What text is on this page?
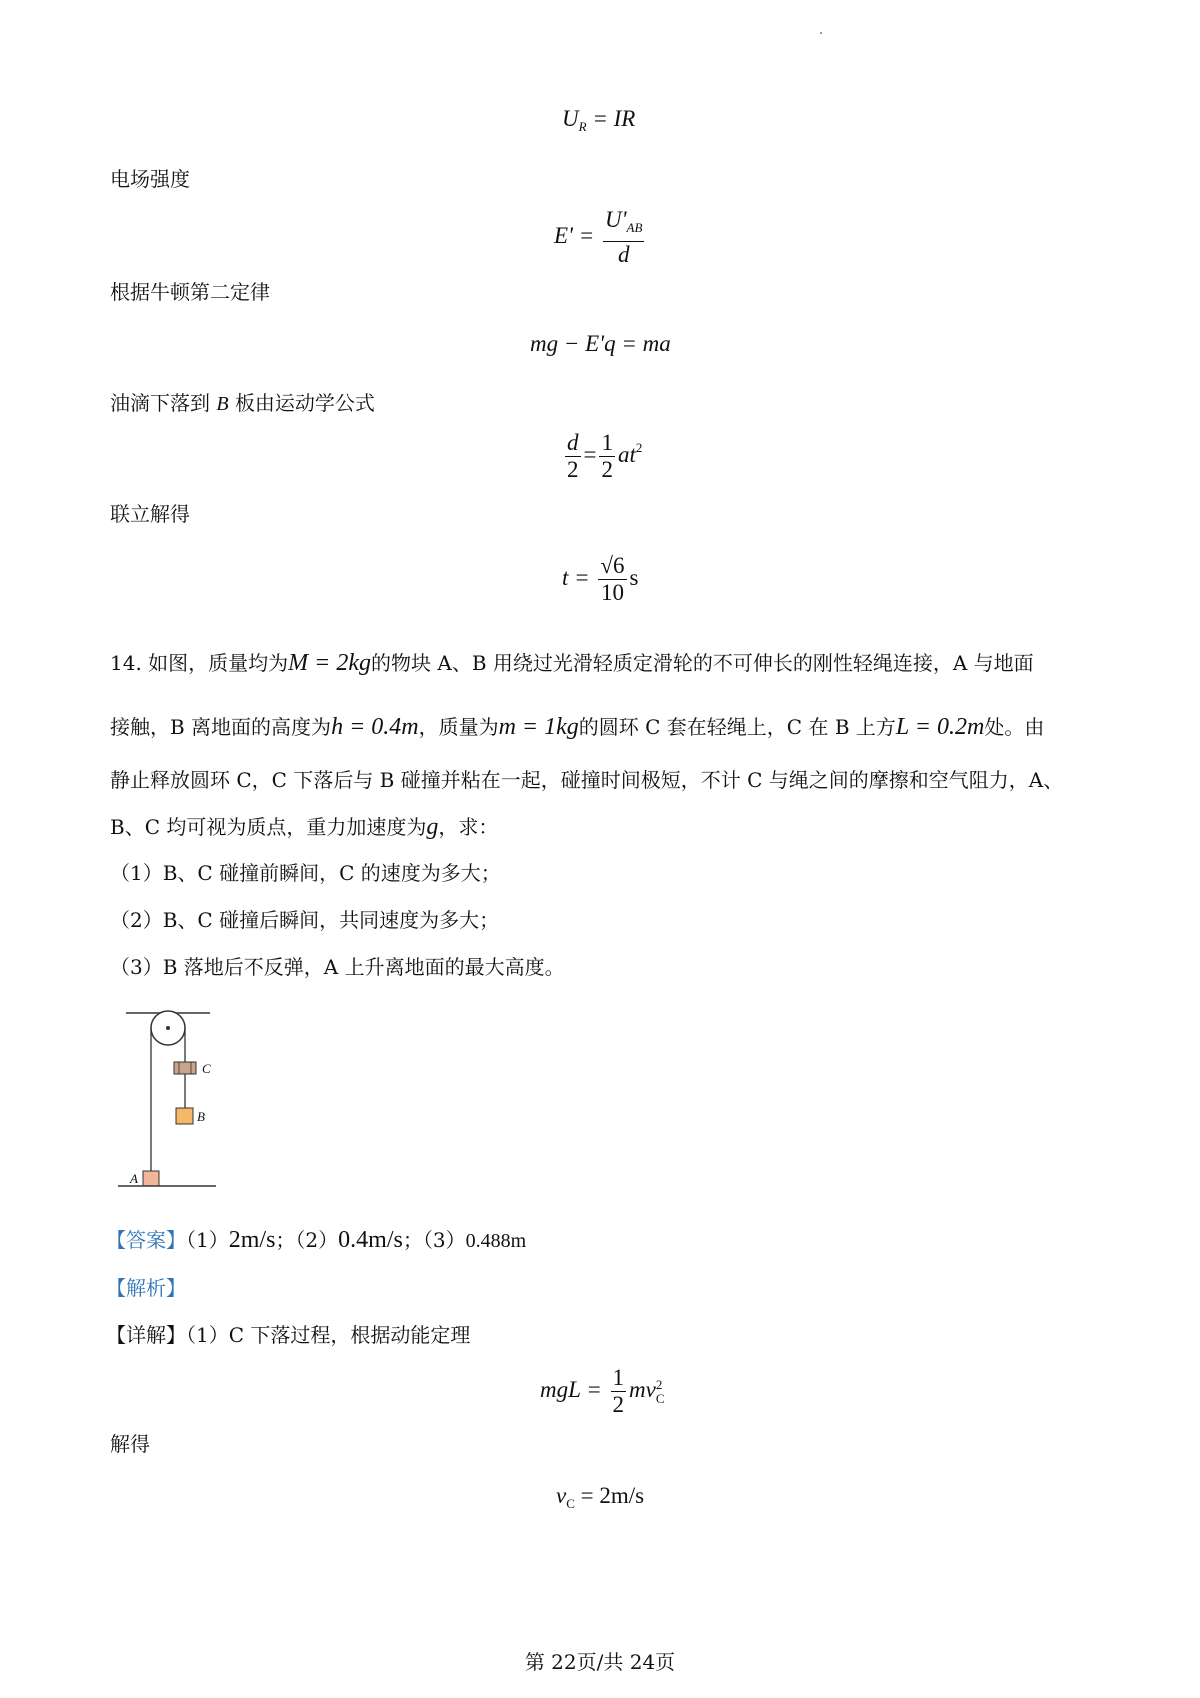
$U_R$ = IR
电场强度
$E' = \frac{U'_{AB}}{d}$
根据牛顿第二定律
mg − E'q = ma
油滴下落到 B 板由运动学公式
$\frac{d}{2} = \frac{1}{2} at^2$
联立解得
$t = \frac{√6}{10}$ s
14. 如图，质量均为M = 2kg的物块 A、B 用绕过光滑轻质定滑轮的不可伸长的刚性轻绳连接，A 与地面
接触，B 离地面的高度为h = 0.4m，质量为m = 1kg的圆环 C 套在轻绳上，C 在 B 上方L = 0.2m处。由
静止释放圆环 C，C 下落后与 B 碰撞并粘在一起，碰撞时间极短，不计 C 与绳之间的摩擦和空气阻力，A、
B、C 均可视为质点，重力加速度为g，求：
（1）B、C 碰撞前瞬间，C 的速度为多大；
（2）B、C 碰撞后瞬间，共同速度为多大；
（3）B 落地后不反弹，A 上升离地面的最大高度。
C
B
A
【答案】（1）2m/s；（2）0.4m/s；（3）0.488m
【解析】
【详解】（1）C 下落过程，根据动能定理
mgL = $\frac{1}{2}$ mv 2
C
解得
$v_C = 2m/s$
第 22页/共 24页
